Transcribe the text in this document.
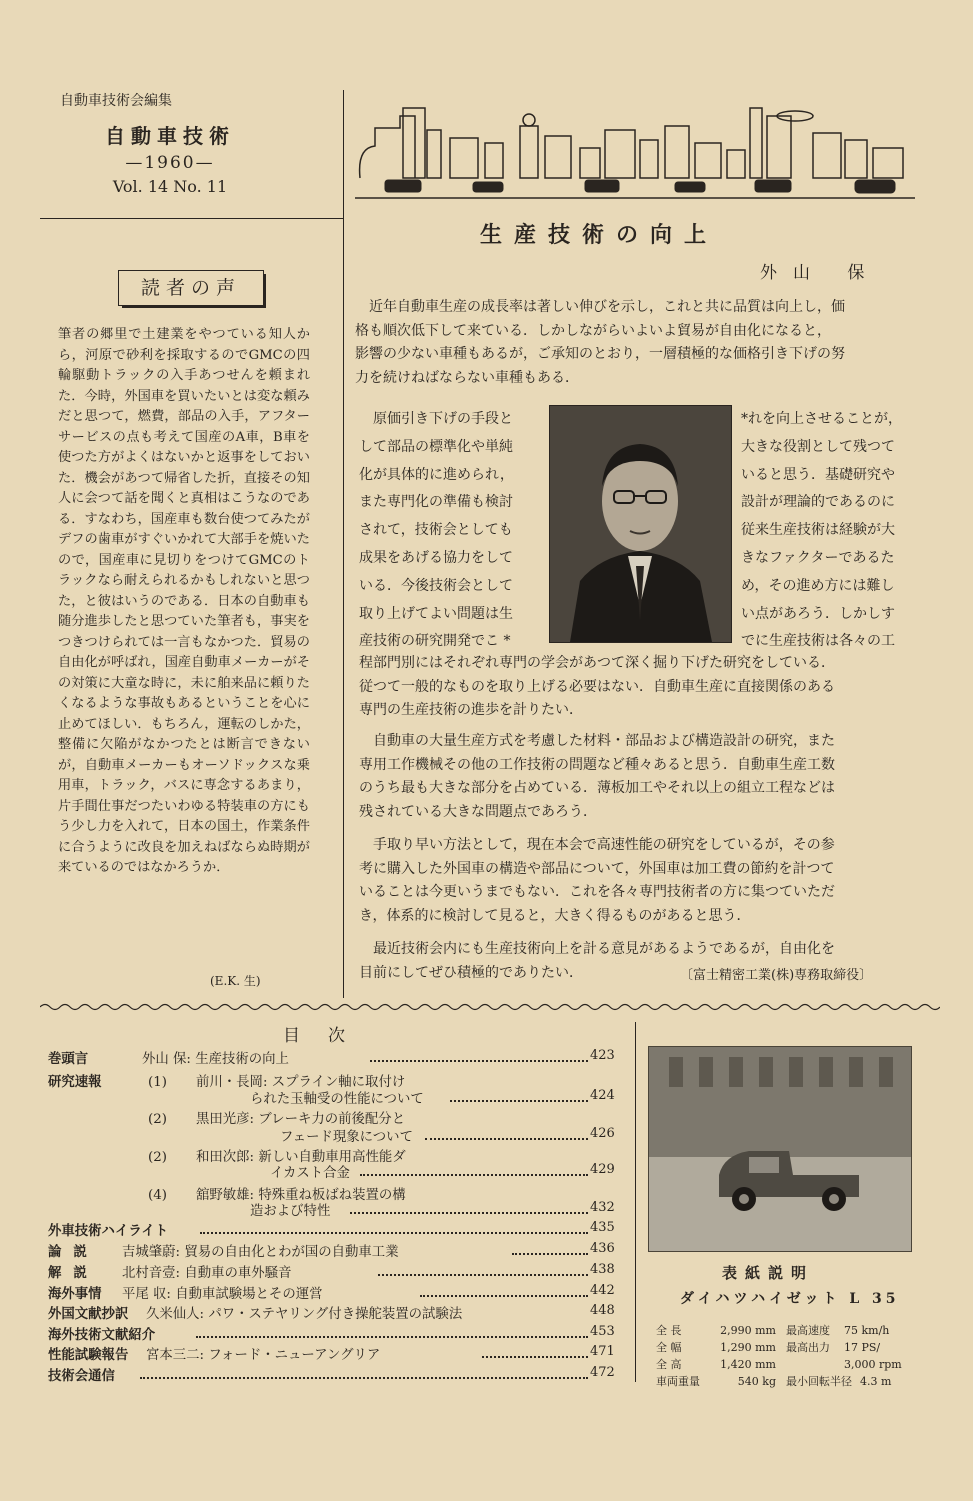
自動車技術会編集
自動車技術
—1960—
Vol. 14 No. 11
読者の声
筆者の郷里で土建業をやつている知人から，河原で砂利を採取するのでGMCの四輪駆動トラックの入手あつせんを頼まれた．今時，外国車を買いたいとは変な頼みだと思つて，燃費，部品の入手，アフターサービスの点も考えて国産のA車，B車を使つた方がよくはないかと返事をしておいた．機会があつて帰省した折，直接その知人に会つて話を聞くと真相はこうなのである．すなわち，国産車も数台使つてみたがデフの歯車がすぐいかれて大部手を焼いたので，国産車に見切りをつけてGMCのトラックなら耐えられるかもしれないと思つた，と彼はいうのである．日本の自動車も随分進歩したと思つていた筆者も，事実をつきつけられては一言もなかつた．貿易の自由化が呼ばれ，国産自動車メーカーがその対策に大童な時に，未に舶来品に頼りたくなるような事故もあるということを心に止めてほしい．もちろん，運転のしかた，整備に欠陥がなかつたとは断言できないが，自動車メーカーもオーソドックスな乗用車，トラック，バスに専念するあまり，片手間仕事だつたいわゆる特装車の方にもう少し力を入れて，日本の国土，作業条件に合うように改良を加えねばならぬ時期が来ているのではなかろうか．
(E.K. 生)
生産技術の向上
外山 保
近年自動車生産の成長率は著しい伸びを示し，これと共に品質は向上し，価
格も順次低下して来ている．しかしながらいよいよ貿易が自由化になると，
影響の少ない車種もあるが，ご承知のとおり，一層積極的な価格引き下げの努
力を続けねばならない車種もある．
原価引き下げの手段と
して部品の標準化や単純
化が具体的に進められ，
また専門化の準備も検討
されて，技術会としても
成果をあげる協力をして
いる．今後技術会として
取り上げてよい問題は生
産技術の研究開発でこ *
*れを向上させることが，
大きな役割として残つて
いると思う．基礎研究や
設計が理論的であるのに
従来生産技術は経験が大
きなファクターであるた
め，その進め方には難し
い点があろう．しかしす
でに生産技術は各々の工
程部門別にはそれぞれ専門の学会があつて深く掘り下げた研究をしている．
従つて一般的なものを取り上げる必要はない．自動車生産に直接関係のある
専門の生産技術の進歩を計りたい．
自動車の大量生産方式を考慮した材料・部品および構造設計の研究，また
専用工作機械その他の工作技術の問題など種々あると思う．自動車生産工数
のうち最も大きな部分を占めている．薄板加工やそれ以上の組立工程などは
残されている大きな問題点であろう．
手取り早い方法として，現在本会で高速性能の研究をしているが，その参
考に購入した外国車の構造や部品について，外国車は加工費の節約を計つて
いることは今更いうまでもない．これを各々専門技術者の方に集つていただ
き，体系的に検討して見ると，大きく得るものがあると思う．
最近技術会内にも生産技術向上を計る意見があるようであるが，自由化を
目前にしてぜひ積極的でありたい．	〔富士精密工業(株)専務取締役〕
目次
巻頭言	外山 保: 生産技術の向上	423
研究速報	(1) 前川・長岡: スプライン軸に取付け
られた玉軸受の性能について	424
(2) 黒田光彦: ブレーキ力の前後配分と
フェード現象について	426
(2) 和田次郎: 新しい自動車用高性能ダ
イカスト合金	429
(4) 舘野敏雄: 特殊重ね板ばね装置の構
造および特性	432
外車技術ハイライト	435
論説 吉城肇蔚: 貿易の自由化とわが国の自動車工業	436
解説 北村音壹: 自動車の車外騒音	438
海外事情 平尾 収: 自動車試験場とその運営	442
外国文献抄訳 久米仙人: パワ・ステヤリング付き操舵装置の試験法	448
海外技術文献紹介	453
性能試験報告 宮本三二: フォード・ニューアングリア	471
技術会通信	472
表紙説明
ダイハツハイゼット L 35
全 長	2,990 mm 最高速度 75 km/h
全 幅	1,290 mm 最高出力 17 PS/
全 高	1,420 mm	3,000 rpm
車両重量	540 kg 最小回転半径 4.3 m
